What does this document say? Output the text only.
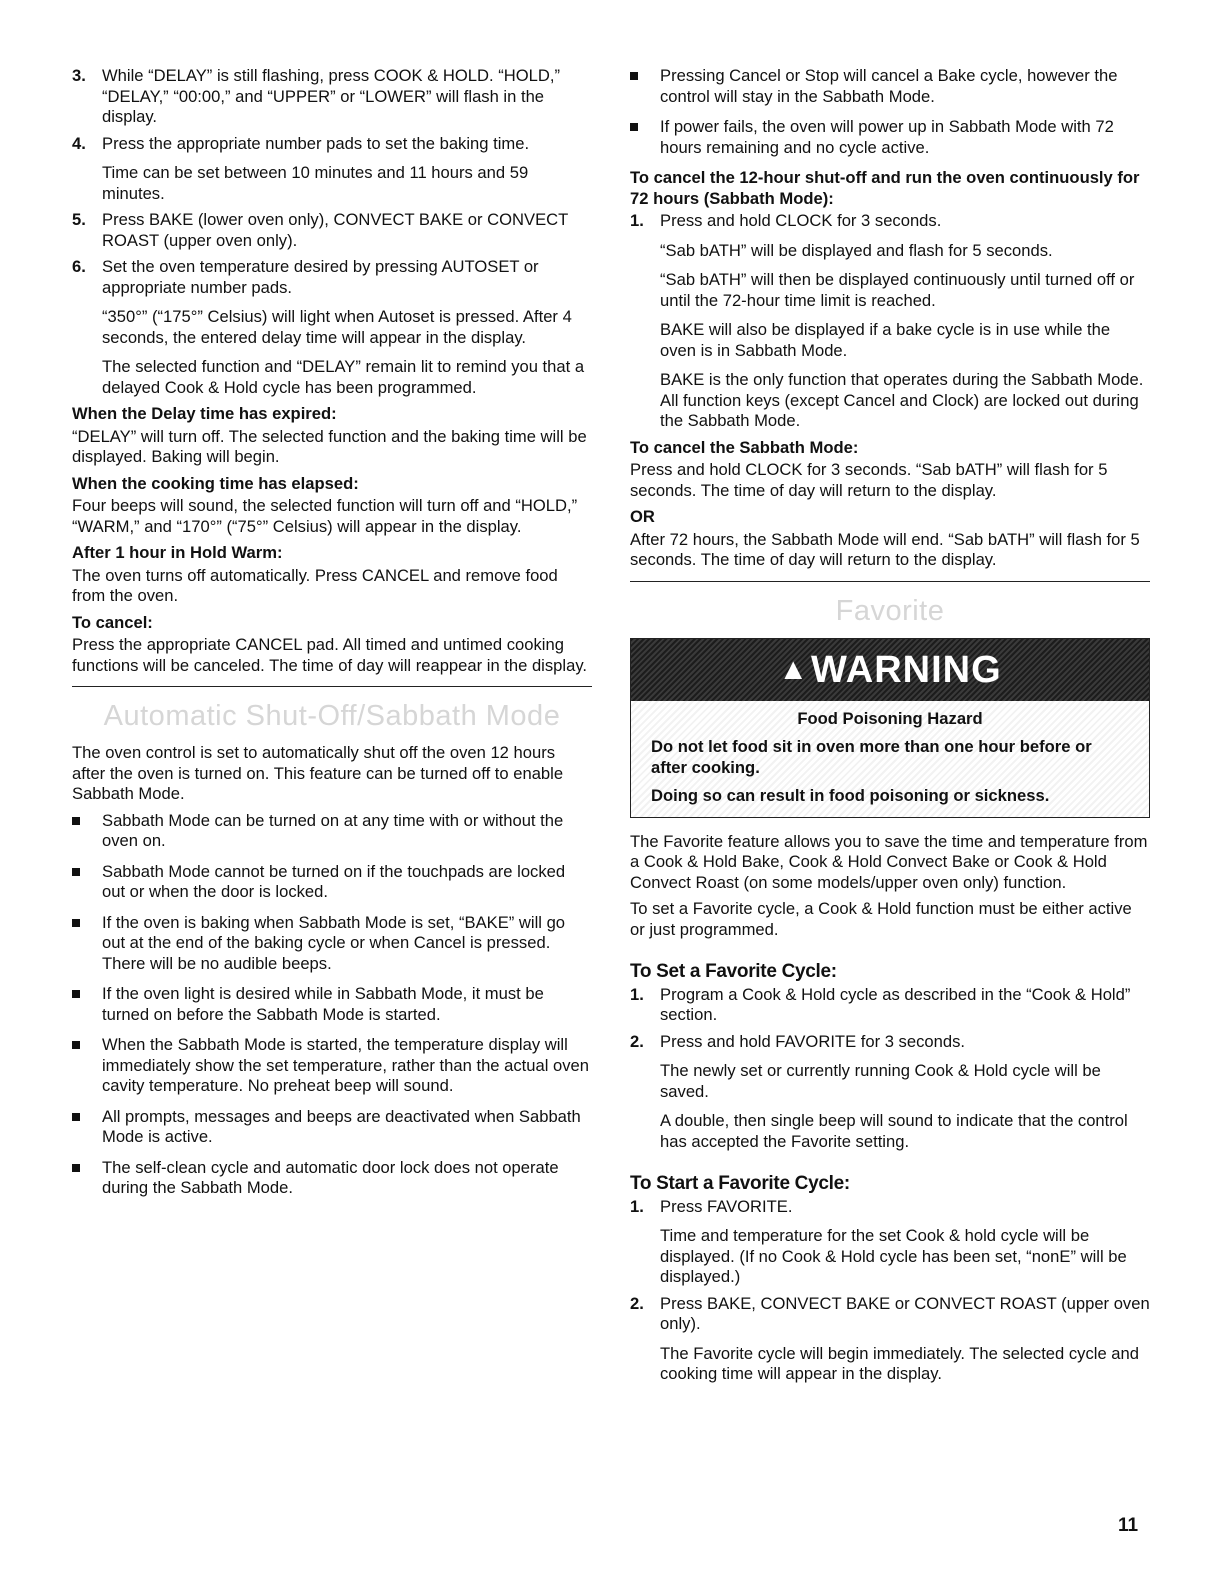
3. While “DELAY” is still flashing, press COOK & HOLD. “HOLD,” “DELAY,” “00:00,” and “UPPER” or “LOWER” will flash in the display.

4. Press the appropriate number pads to set the baking time.

Time can be set between 10 minutes and 11 hours and 59 minutes.

5. Press BAKE (lower oven only), CONVECT BAKE or CONVECT ROAST (upper oven only).

6. Set the oven temperature desired by pressing AUTOSET or appropriate number pads.

“350°” (“175°” Celsius) will light when Autoset is pressed. After 4 seconds, the entered delay time will appear in the display.

The selected function and “DELAY” remain lit to remind you that a delayed Cook & Hold cycle has been programmed.

When the Delay time has expired:
“DELAY” will turn off. The selected function and the baking time will be displayed. Baking will begin.
When the cooking time has elapsed:
Four beeps will sound, the selected function will turn off and “HOLD,” “WARM,” and “170°” (“75°” Celsius) will appear in the display.
After 1 hour in Hold Warm:
The oven turns off automatically. Press CANCEL and remove food from the oven.
To cancel:
Press the appropriate CANCEL pad. All timed and untimed cooking functions will be canceled. The time of day will reappear in the display.
Automatic Shut-Off/Sabbath Mode
The oven control is set to automatically shut off the oven 12 hours after the oven is turned on. This feature can be turned off to enable Sabbath Mode.
Sabbath Mode can be turned on at any time with or without the oven on.
Sabbath Mode cannot be turned on if the touchpads are locked out or when the door is locked.
If the oven is baking when Sabbath Mode is set, “BAKE” will go out at the end of the baking cycle or when Cancel is pressed. There will be no audible beeps.
If the oven light is desired while in Sabbath Mode, it must be turned on before the Sabbath Mode is started.
When the Sabbath Mode is started, the temperature display will immediately show the set temperature, rather than the actual oven cavity temperature. No preheat beep will sound.
All prompts, messages and beeps are deactivated when Sabbath Mode is active.
The self-clean cycle and automatic door lock does not operate during the Sabbath Mode.
Pressing Cancel or Stop will cancel a Bake cycle, however the control will stay in the Sabbath Mode.
If power fails, the oven will power up in Sabbath Mode with 72 hours remaining and no cycle active.
To cancel the 12-hour shut-off and run the oven continuously for 72 hours (Sabbath Mode):
1. Press and hold CLOCK for 3 seconds.

“Sab bATH” will be displayed and flash for 5 seconds.

“Sab bATH” will then be displayed continuously until turned off or until the 72-hour time limit is reached.

BAKE will also be displayed if a bake cycle is in use while the oven is in Sabbath Mode.

BAKE is the only function that operates during the Sabbath Mode. All function keys (except Cancel and Clock) are locked out during the Sabbath Mode.

To cancel the Sabbath Mode:
Press and hold CLOCK for 3 seconds. “Sab bATH” will flash for 5 seconds. The time of day will return to the display.
OR
After 72 hours, the Sabbath Mode will end. “Sab bATH” will flash for 5 seconds. The time of day will return to the display.
Favorite
▲WARNING
Food Poisoning Hazard

Do not let food sit in oven more than one hour before or after cooking.

Doing so can result in food poisoning or sickness.

The Favorite feature allows you to save the time and temperature from a Cook & Hold Bake, Cook & Hold Convect Bake or Cook & Hold Convect Roast (on some models/upper oven only) function.
To set a Favorite cycle, a Cook & Hold function must be either active or just programmed.
To Set a Favorite Cycle:
1. Program a Cook & Hold cycle as described in the “Cook & Hold” section.

2. Press and hold FAVORITE for 3 seconds.

The newly set or currently running Cook & Hold cycle will be saved.

A double, then single beep will sound to indicate that the control has accepted the Favorite setting.

To Start a Favorite Cycle:
1. Press FAVORITE.

Time and temperature for the set Cook & hold cycle will be displayed. (If no Cook & Hold cycle has been set, “nonE” will be displayed.)

2. Press BAKE, CONVECT BAKE or CONVECT ROAST (upper oven only).

The Favorite cycle will begin immediately. The selected cycle and cooking time will appear in the display.

11
